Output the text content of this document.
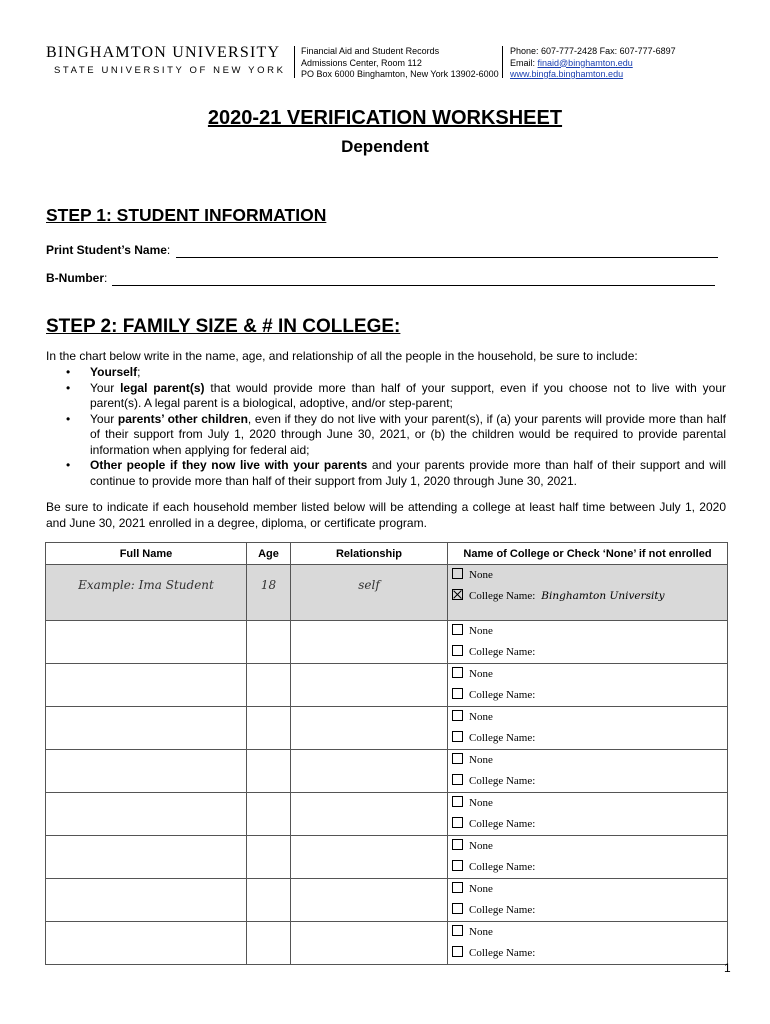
BINGHAMTON UNIVERSITY
STATE UNIVERSITY OF NEW YORK
Financial Aid and Student Records
Admissions Center, Room 112
PO Box 6000 Binghamton, New York 13902-6000
Phone: 607-777-2428 Fax: 607-777-6897
Email: finaid@binghamton.edu
www.bingfa.binghamton.edu
2020-21 VERIFICATION WORKSHEET
Dependent
STEP 1: STUDENT INFORMATION
Print Student’s Name:
B-Number:
STEP 2: FAMILY SIZE & # IN COLLEGE:
In the chart below write in the name, age, and relationship of all the people in the household, be sure to include:
• Yourself;
• Your legal parent(s) that would provide more than half of your support, even if you choose not to live with your parent(s). A legal parent is a biological, adoptive, and/or step-parent;
• Your parents’ other children, even if they do not live with your parent(s), if (a) your parents will provide more than half of their support from July 1, 2020 through June 30, 2021, or (b) the children would be required to provide parental information when applying for federal aid;
• Other people if they now live with your parents and your parents provide more than half of their support and will continue to provide more than half of their support from July 1, 2020 through June 30, 2021.
Be sure to indicate if each household member listed below will be attending a college at least half time between July 1, 2020 and June 30, 2021 enrolled in a degree, diploma, or certificate program.
Full Name	Age	Relationship	Name of College or Check ‘None’ if not enrolled
Example: Ima Student	18	self	None
College Name: Binghamton University

			None
College Name:

			None
College Name:

			None
College Name:

			None
College Name:

			None
College Name:

			None
College Name:

			None
College Name:

			None
College Name:
1
